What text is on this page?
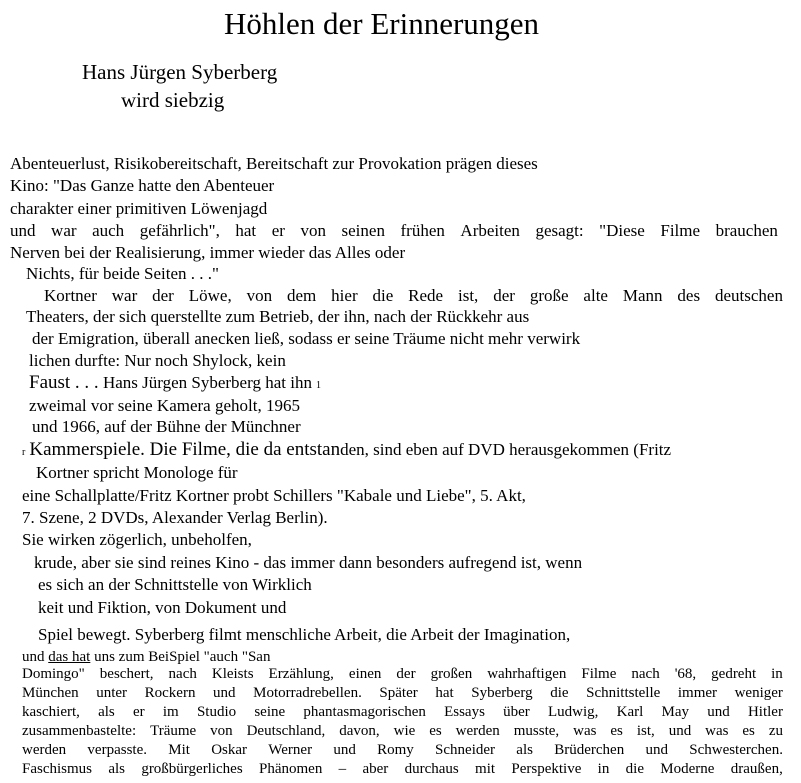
Höhlen der Erinnerungen
Hans Jürgen Syberberg
wird siebzig
Abenteuerlust, Risikobereitschaft, Bereitschaft zur Provokation prägen dieses
Kino: "Das Ganze hatte den Abenteuer
charakter einer primitiven Löwenjagd
und war auch gefährlich", hat er von seinen frühen Arbeiten gesagt: "Diese Filme brauchen
Nerven bei der Realisierung, immer wieder das Alles oder
Nichts, für beide Seiten . . ."
Kortner war der Löwe, von dem hier die Rede ist, der große alte Mann des deutschen
Theaters, der sich querstellte zum Betrieb, der ihn, nach der Rückkehr aus
der Emigration, überall anecken ließ, sodass er seine Träume nicht mehr verwirk
lichen durfte: Nur noch Shylock, kein
Faust . . . Hans Jürgen Syberberg hat ihn 1
zweimal vor seine Kamera geholt, 1965
und 1966, auf der Bühne der Münchner
r Kammerspiele. Die Filme, die da entstanden, sind eben auf DVD herausgekommen (Fritz
Kortner spricht Monologe für
eine Schallplatte/Fritz Kortner probt Schillers "Kabale und Liebe", 5. Akt,
7. Szene, 2 DVDs, Alexander Verlag Berlin).
Sie wirken zögerlich, unbeholfen,
krude, aber sie sind reines Kino - das immer dann besonders aufregend ist, wenn
es sich an der Schnittstelle von Wirklich
keit und Fiktion, von Dokument und
Spiel bewegt. Syberberg filmt menschliche Arbeit, die Arbeit der Imagination,
und das hat uns zum BeiSpiel "auch "San
Domingo" beschert, nach Kleists Erzählung, einen der großen wahrhaftigen Filme nach '68, gedreht in
München unter Rockern und Motorradrebellen. Später hat Syberberg die Schnittstelle immer weniger
kaschiert, als er im Studio seine phantasmagorischen Essays über Ludwig, Karl May und Hitler
zusammenbastelte: Träume von Deutschland, davon, wie es werden musste, was es ist, und was es zu
werden verpasste. Mit Oskar Werner und Romy Schneider als Brüderchen und Schwesterchen.
Faschismus als großbürgerliches Phänomen – aber durchaus mit Perspektive in die Moderne draußen,
